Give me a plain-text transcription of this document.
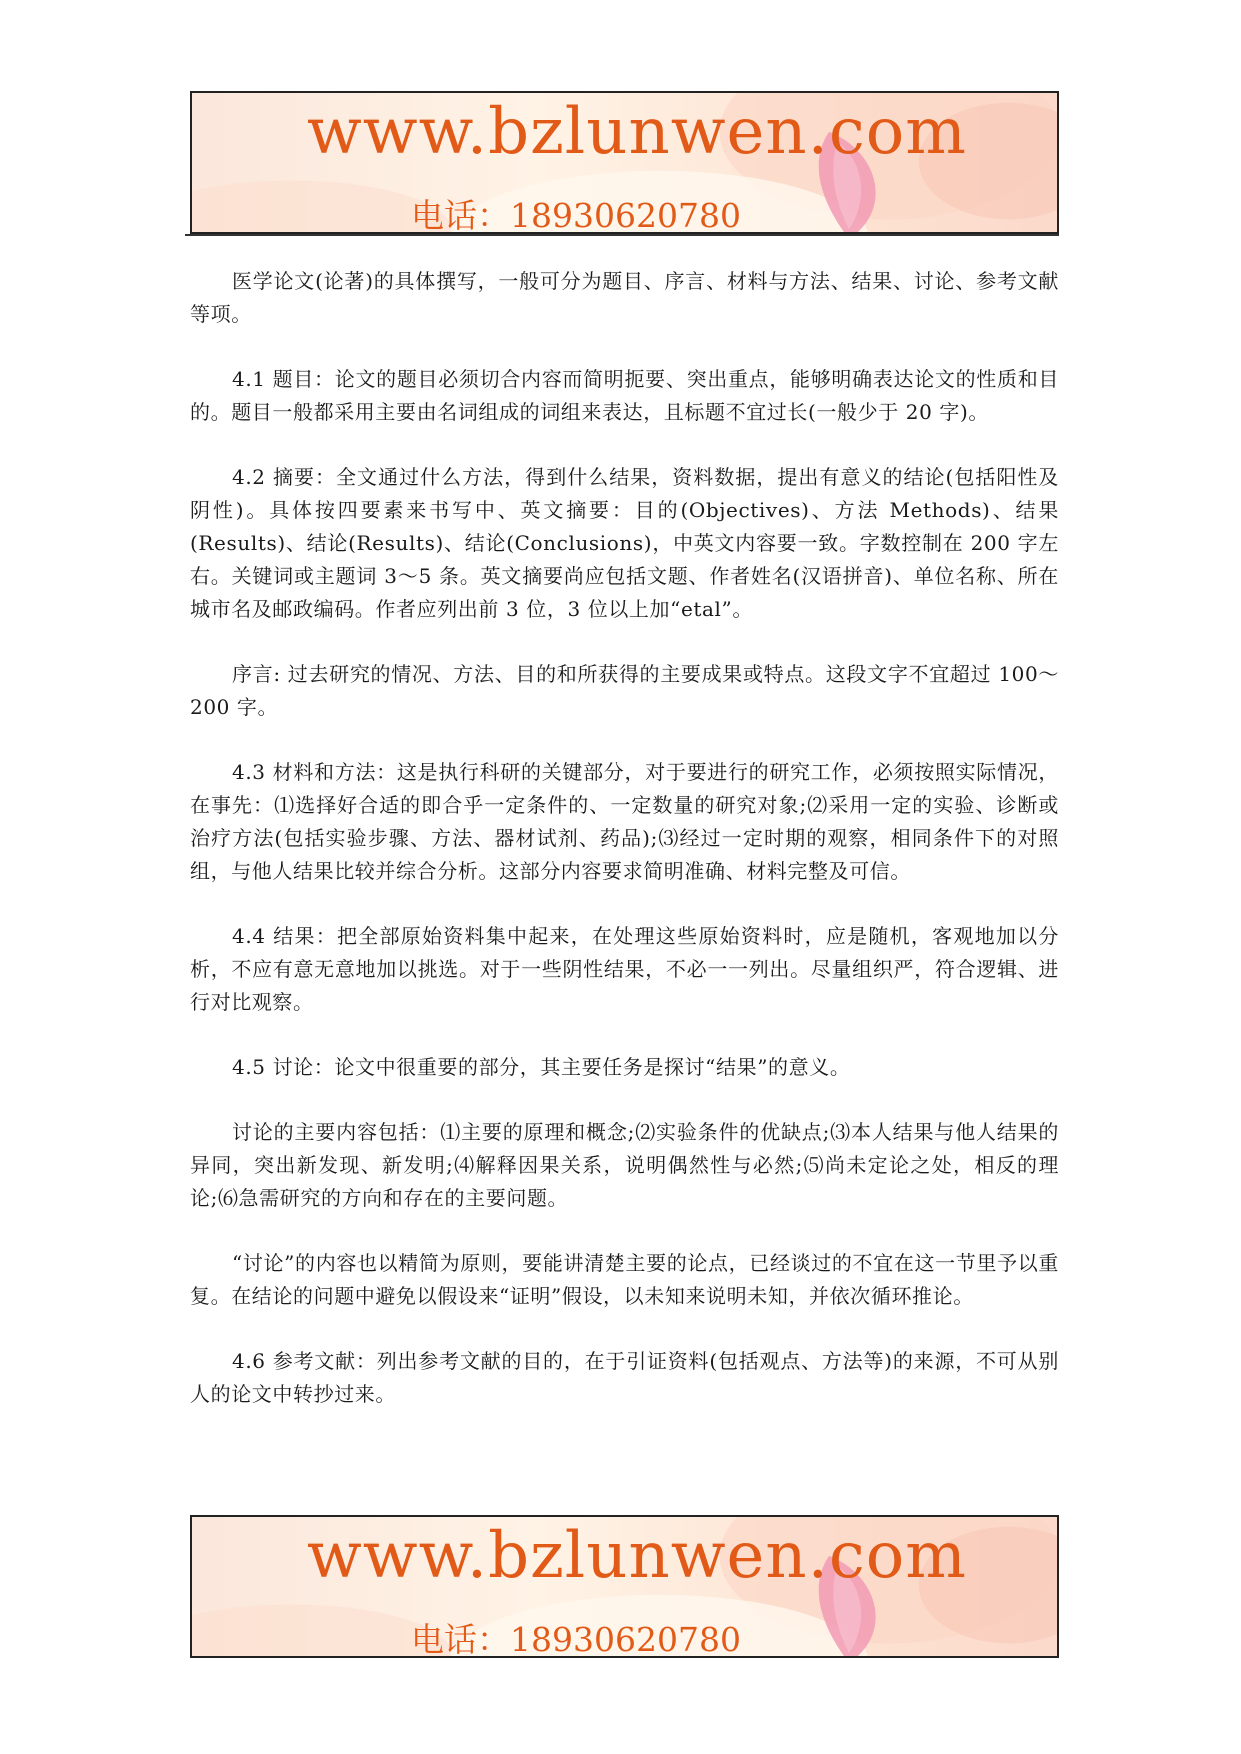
www.bzlunwen.com
电话：18930620780

医学论文(论著)的具体撰写，一般可分为题目、序言、材料与方法、结果、讨论、参考文献等项。

4.1 题目：论文的题目必须切合内容而简明扼要、突出重点，能够明确表达论文的性质和目的。题目一般都采用主要由名词组成的词组来表达，且标题不宜过长(一般少于 20 字)。

4.2 摘要：全文通过什么方法，得到什么结果，资料数据，提出有意义的结论(包括阳性及阴性)。具体按四要素来书写中、英文摘要：目的(Objectives)、方法 Methods)、结果(Results)、结论(Results)、结论(Conclusions)，中英文内容要一致。字数控制在 200 字左右。关键词或主题词 3～5 条。英文摘要尚应包括文题、作者姓名(汉语拼音)、单位名称、所在城市名及邮政编码。作者应列出前 3 位，3 位以上加“etal”。

序言: 过去研究的情况、方法、目的和所获得的主要成果或特点。这段文字不宜超过 100～200 字。

4.3 材料和方法：这是执行科研的关键部分，对于要进行的研究工作，必须按照实际情况，在事先：⑴选择好合适的即合乎一定条件的、一定数量的研究对象;⑵采用一定的实验、诊断或治疗方法(包括实验步骤、方法、器材试剂、药品);⑶经过一定时期的观察，相同条件下的对照组，与他人结果比较并综合分析。这部分内容要求简明准确、材料完整及可信。

4.4 结果：把全部原始资料集中起来，在处理这些原始资料时，应是随机，客观地加以分析，不应有意无意地加以挑选。对于一些阴性结果，不必一一列出。尽量组织严，符合逻辑、进行对比观察。

4.5 讨论：论文中很重要的部分，其主要任务是探讨“结果”的意义。

讨论的主要内容包括：⑴主要的原理和概念;⑵实验条件的优缺点;⑶本人结果与他人结果的异同，突出新发现、新发明;⑷解释因果关系，说明偶然性与必然;⑸尚未定论之处，相反的理论;⑹急需研究的方向和存在的主要问题。

“讨论”的内容也以精简为原则，要能讲清楚主要的论点，已经谈过的不宜在这一节里予以重复。在结论的问题中避免以假设来“证明”假设，以未知来说明未知，并依次循环推论。

4.6 参考文献：列出参考文献的目的，在于引证资料(包括观点、方法等)的来源，不可从别人的论文中转抄过来。

www.bzlunwen.com
电话：18930620780
